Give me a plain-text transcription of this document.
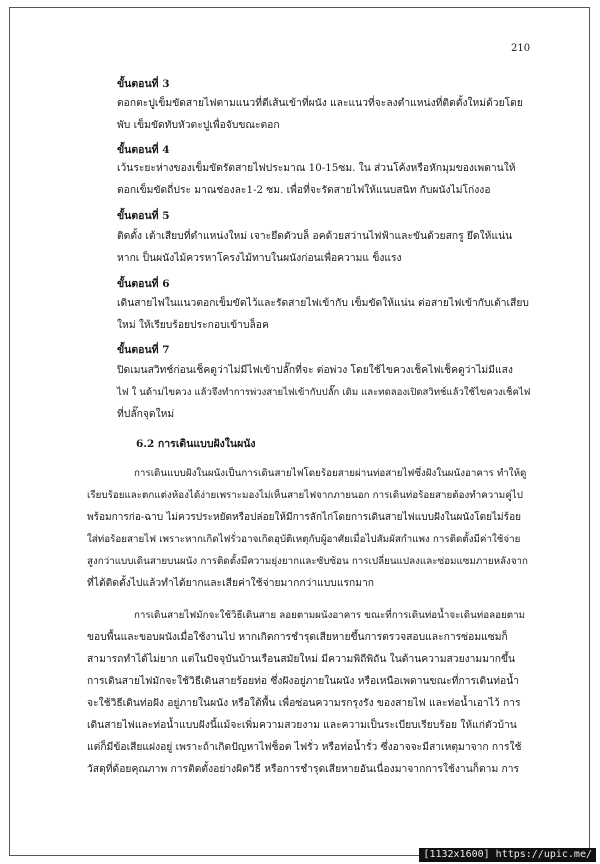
210
ขั้นตอนที่ 3
ตอกตะปูเข็มขัดสายไฟตามแนวที่ตีเส้นเข้าที่ผนัง และแนวที่จะลงตำแหน่งที่ติดตั้งใหม่ด้วยโดย
พับ เข็มขัดทับหัวตะปูเพื่อจับขณะตอก
ขั้นตอนที่ 4
เว้นระยะห่างของเข็มขัดรัดสายไฟประมาณ 10-15ซม. ใน ส่วนโค้งหรือหักมุมของเพดานให้
ตอกเข็มขัดถี่ประ มาณช่องละ1-2 ซม. เพื่อที่จะรัดสายไฟให้แนบสนิท กับผนังไม่โก่งงอ
ขั้นตอนที่ 5
ติดตั้ง เต้าเสียบที่ตำแหน่งใหม่ เจาะยึดตัวบล็ อคด้วยสว่านไฟฟ้าและขันด้วยสกรู ยึดให้แน่น
หากเ ป็นผนังไม้ควรหาโครงไม้ทาบในผนังก่อนเพื่อความแ ข็งแรง
ขั้นตอนที่ 6
เดินสายไฟในแนวตอกเข็มขัดไว้และรัดสายไฟเข้ากับ เข็มขัดให้แน่น ต่อสายไฟเข้ากับเต้าเสียบ
ใหม่ ให้เรียบร้อยประกอบเข้าบล็อค
ขั้นตอนที่ 7
ปิดเมนสวิทช์ก่อนเช็คดูว่าไม่มีไฟเข้าปลั๊กที่จะ ต่อพ่วง โดยใช้ไขควงเช็คไฟเช็คดูว่าไม่มีแสง
ไฟ ใ นด้ามไขควง แล้วจึงทำการพ่วงสายไฟเข้ากับปลั๊ก เดิม และทดลองเปิดสวิทช์แล้วใช้ไขควงเช็คไฟ
ที่ปลั๊กจุดใหม่
6.2 การเดินแบบฝังในผนัง
การเดินแบบฝังในผนังเป็นการเดินสายไฟโดยร้อยสายผ่านท่อสายไฟซึ่งฝังในผนังอาคาร ทำให้ดู
เรียบร้อยและตกแต่งห้องได้ง่ายเพราะมองไม่เห็นสายไฟจากภายนอก การเดินท่อร้อยสายต้องทำความคู่ไป
พร้อมการก่อ-ฉาบ ไม่ควรประหยัดหรือปล่อยให้มีการลักไก่โดยการเดินสายไฟแบบฝังในผนังโดยไม่ร้อย
ใส่ท่อร้อยสายไฟ เพราะหากเกิดไฟรั่วอาจเกิดอุบัติเหตุกับผู้อาศัยเมื่อไปสัมผัสกำแพง การติดตั้งมีค่าใช้จ่าย
สูงกว่าแบบเดินสายบนผนัง การติดตั้งมีความยุ่งยากและซับซ้อน การเปลี่ยนแปลงและซ่อมแซมภายหลังจาก
ที่ได้ติดตั้งไปแล้วทำได้ยากและเสียค่าใช้จ่ายมากกว่าแบบแรกมาก
การเดินสายไฟมักจะใช้วิธีเดินสาย ลอยตามผนังอาคาร ขณะที่การเดินท่อน้ำจะเดินท่อลอยตาม
ขอบพื้นและขอบผนังเมื่อใช้งานไป หากเกิดการชำรุดเสียหายขึ้นการตรวจสอบและการซ่อมแซมก็
สามารถทำได้ไม่ยาก แต่ในปัจจุบันบ้านเรือนสมัยใหม่ มีความพิถีพิถัน ในด้านความสวยงามมากขึ้น
การเดินสายไฟมักจะใช้วิธีเดินสายร้อยท่อ ซึ่งฝังอยู่ภายในผนัง หรือเหนือเพดานขณะที่การเดินท่อน้ำ
จะใช้วิธีเดินท่อฝัง อยู่ภายในผนัง หรือใต้พื้น เพื่อซ่อนความรกรุงรัง ของสายไฟ และท่อน้ำเอาไว้ การ
เดินสายไฟและท่อน้ำแบบฝังนี้แม้จะเพิ่มความสวยงาม และความเป็นระเบียบเรียบร้อย ให้แก่ตัวบ้าน
แต่ก็มีข้อเสียแฝงอยู่ เพราะถ้าเกิดปัญหาไฟช็อต ไฟรั่ว หรือท่อน้ำรั่ว ซึ่งอาจจะมีสาเหตุมาจาก การใช้
วัสดุที่ด้อยคุณภาพ การติดตั้งอย่างผิดวิธี หรือการชำรุดเสียหายอันเนื่องมาจากการใช้งานก็ตาม การ
[1132x1600] https://upic.me/
